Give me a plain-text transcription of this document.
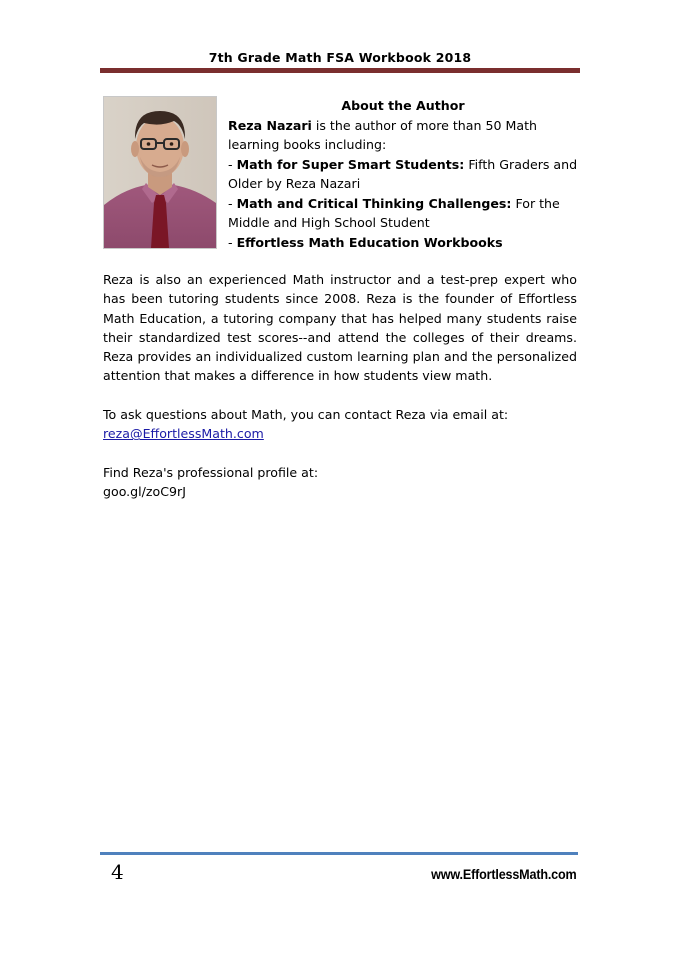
7th Grade Math FSA Workbook 2018
About the Author
Reza Nazari is the author of more than 50 Math
learning books including:
- Math for Super Smart Students: Fifth Graders and
Older by Reza Nazari
- Math and Critical Thinking Challenges: For the
Middle and High School Student
- Effortless Math Education Workbooks
Reza is also an experienced Math instructor and a test-prep expert who has been tutoring students since 2008. Reza is the founder of Effortless Math Education, a tutoring company that has helped many students raise their standardized test scores--and attend the colleges of their dreams. Reza provides an individualized custom learning plan and the personalized attention that makes a difference in how students view math.
To ask questions about Math, you can contact Reza via email at:
reza@EffortlessMath.com
Find Reza's professional profile at:
goo.gl/zoC9rJ
4	www.EffortlessMath.com
